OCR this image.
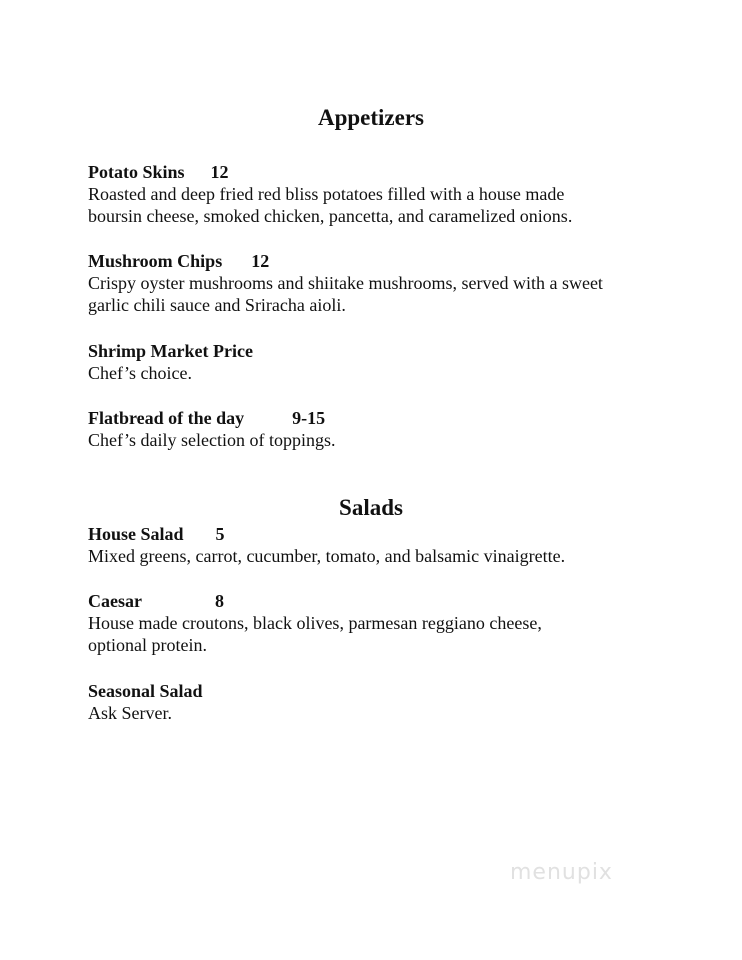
Appetizers
Potato Skins 12
Roasted and deep fried red bliss potatoes filled with a house made
boursin cheese, smoked chicken, pancetta, and caramelized onions.
Mushroom Chips 12
Crispy oyster mushrooms and shiitake mushrooms, served with a sweet
garlic chili sauce and Sriracha aioli.
Shrimp Market Price
Chef’s choice.
Flatbread of the day	9-15
Chef’s daily selection of toppings.
Salads
House Salad 5
Mixed greens, carrot, cucumber, tomato, and balsamic vinaigrette.
Caesar	8
House made croutons, black olives, parmesan reggiano cheese,
optional protein.
Seasonal Salad
Ask Server.
menupix
